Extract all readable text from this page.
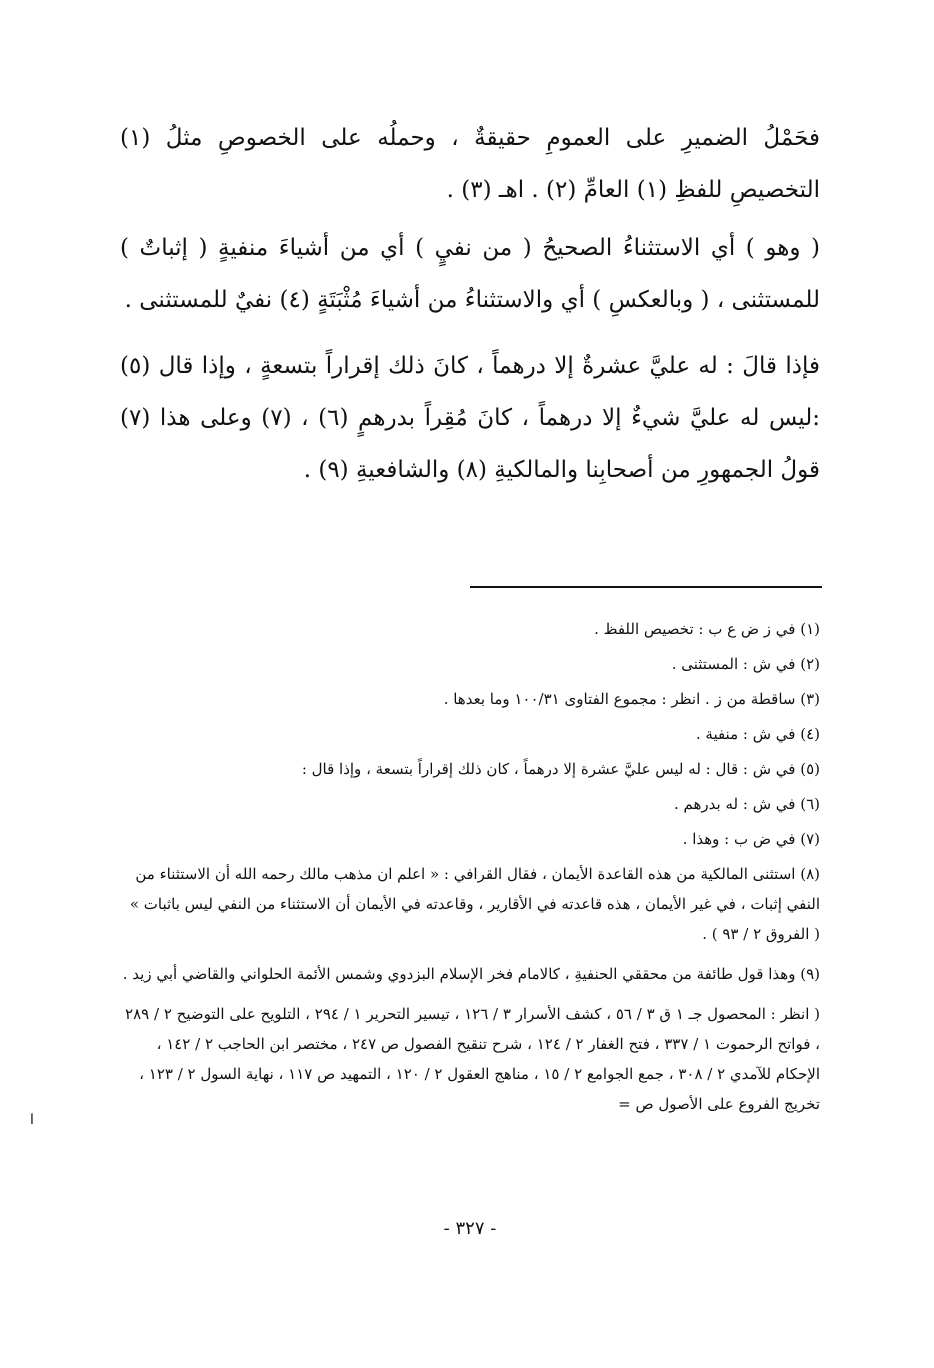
فحَمْلُ الضميرِ على العمومِ حقيقةٌ ، وحملُه على الخصوصِ مثلُ (١) التخصيصِ للفظِ (١) العامِّ (٢) . اهـ (٣) .

( وهو ) أي الاستثناءُ الصحيحُ ( من نفيٍ ) أي من أشياءَ منفيةٍ ( إثباتٌ ) للمستثنى ، ( وبالعكسِ ) أي والاستثناءُ من أشياءَ مُثْبَتَةٍ (٤) نفيٌ للمستثنى .

فإذا قالَ : له عليَّ عشرةٌ إلا درهماً ، كانَ ذلك إقراراً بتسعةٍ ، وإذا قال (٥) :ليس له عليَّ شيءٌ إلا درهماً ، كانَ مُقِراً بدرهمٍ (٦) ، (٧) وعلى هذا (٧) قولُ الجمهورِ من أصحابِنا والمالكيةِ (٨) والشافعيةِ (٩) .

(١) في ز ض ع ب : تخصيص اللفظ .

(٢) في ش : المستثنى .

(٣) ساقطة من ز . انظر : مجموع الفتاوى ١٠٠/٣١ وما بعدها .

(٤) في ش : منفية .

(٥) في ش : قال : له ليس عليَّ عشرة إلا درهماً ، كان ذلك إقراراً بتسعة ، وإذا قال :

(٦) في ش : له بدرهم .

(٧) في ض ب : وهذا .

(٨) استثنى المالكية من هذه القاعدة الأيمان ، فقال القرافي : « اعلم ان مذهب مالك رحمه الله أن الاستثناء من النفي إثبات ، في غير الأيمان ، هذه قاعدته في الأقارير ، وقاعدته في الأيمان أن الاستثناء من النفي ليس باثبات » ( الفروق ٢ / ٩٣ ) .

(٩) وهذا قول طائفة من محققي الحنفيةِ ، كالامام فخر الإسلام البزدوي وشمس الأئمة الحلواني والقاضي أبي زيد .

( انظر : المحصول جـ ١ ق ٣ / ٥٦ ، كشف الأسرار ٣ / ١٢٦ ، تيسير التحرير ١ / ٢٩٤ ، التلويح على التوضيح ٢ / ٢٨٩ ، فواتح الرحموت ١ / ٣٣٧ ، فتح الغفار ٢ / ١٢٤ ، شرح تنقيح الفصول ص ٢٤٧ ، مختصر ابن الحاجب ٢ / ١٤٢ ، الإحكام للآمدي ٢ / ٣٠٨ ، جمع الجوامع ٢ / ١٥ ، مناهج العقول ٢ / ١٢٠ ، التمهيد ص ١١٧ ، نهاية السول ٢ / ١٢٣ ، تخريج الفروع على الأصول ص =

- ٣٢٧ -
ا
